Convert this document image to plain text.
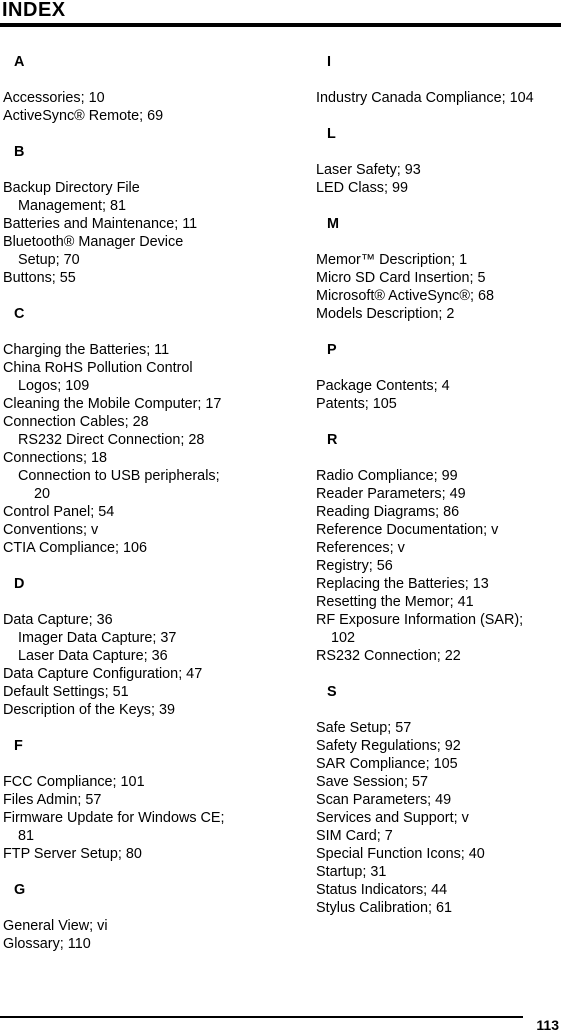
INDEX
A
Accessories; 10
ActiveSync® Remote; 69
B
Backup Directory File
Management; 81
Batteries and Maintenance; 11
Bluetooth® Manager Device
Setup; 70
Buttons; 55
C
Charging the Batteries; 11
China RoHS Pollution Control
Logos; 109
Cleaning the Mobile Computer; 17
Connection Cables; 28
RS232 Direct Connection; 28
Connections; 18
Connection to USB peripherals;
20
Control Panel; 54
Conventions; v
CTIA Compliance; 106
D
Data Capture; 36
Imager Data Capture; 37
Laser Data Capture; 36
Data Capture Configuration; 47
Default Settings; 51
Description of the Keys; 39
F
FCC Compliance; 101
Files Admin; 57
Firmware Update for Windows CE;
81
FTP Server Setup; 80
G
General View; vi
Glossary; 110
I
Industry Canada Compliance; 104
L
Laser Safety; 93
LED Class; 99
M
Memor™ Description; 1
Micro SD Card Insertion; 5
Microsoft® ActiveSync®; 68
Models Description; 2
P
Package Contents; 4
Patents; 105
R
Radio Compliance; 99
Reader Parameters; 49
Reading Diagrams; 86
Reference Documentation; v
References; v
Registry; 56
Replacing the Batteries; 13
Resetting the Memor; 41
RF Exposure Information (SAR);
102
RS232 Connection; 22
S
Safe Setup; 57
Safety Regulations; 92
SAR Compliance; 105
Save Session; 57
Scan Parameters; 49
Services and Support; v
SIM Card; 7
Special Function Icons; 40
Startup; 31
Status Indicators; 44
Stylus Calibration; 61
113
